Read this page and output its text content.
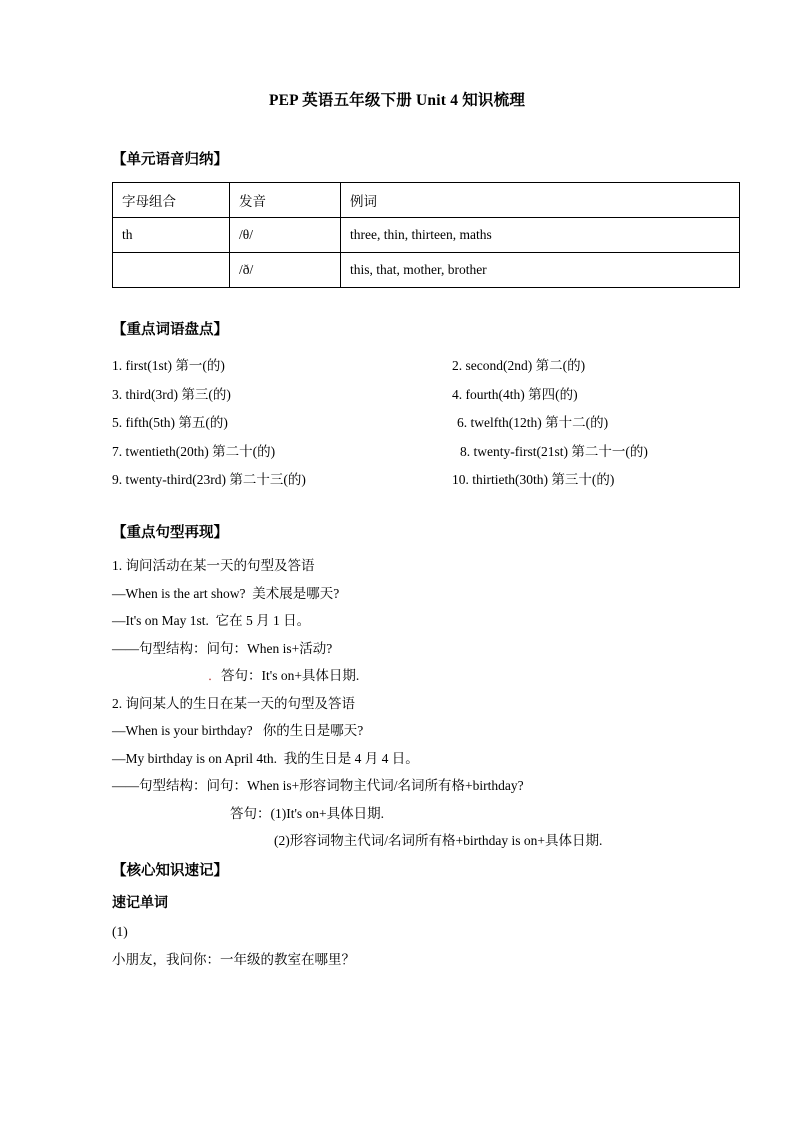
PEP 英语五年级下册 Unit 4 知识梳理
【单元语音归纳】
字母组合	发音	例词
th	/θ/	three, thin, thirteen, maths
	/ð/	this, that, mother, brother
【重点词语盘点】
1. first(1st) 第一(的)	2. second(2nd) 第二(的)
3. third(3rd) 第三(的)	4. fourth(4th) 第四(的)
5. fifth(5th) 第五(的)	6. twelfth(12th) 第十二(的)
7. twentieth(20th) 第二十(的)	8. twenty-first(21st) 第二十一(的)
9. twenty-third(23rd) 第二十三(的)	10. thirtieth(30th) 第三十(的)
【重点句型再现】
1. 询问活动在某一天的句型及答语
—When is the art show?  美术展是哪天?
—It's on May 1st.  它在 5 月 1 日。
——句型结构：问句：When is+活动?
．答句：It's on+具体日期.
2. 询问某人的生日在某一天的句型及答语
—When is your birthday?   你的生日是哪天?
—My birthday is on April 4th.  我的生日是 4 月 4 日。
——句型结构：问句：When is+形容词物主代词/名词所有格+birthday?
答句：(1)It's on+具体日期.
(2)形容词物主代词/名词所有格+birthday is on+具体日期.
【核心知识速记】
速记单词
(1)
小朋友，我问你：一年级的教室在哪里？
